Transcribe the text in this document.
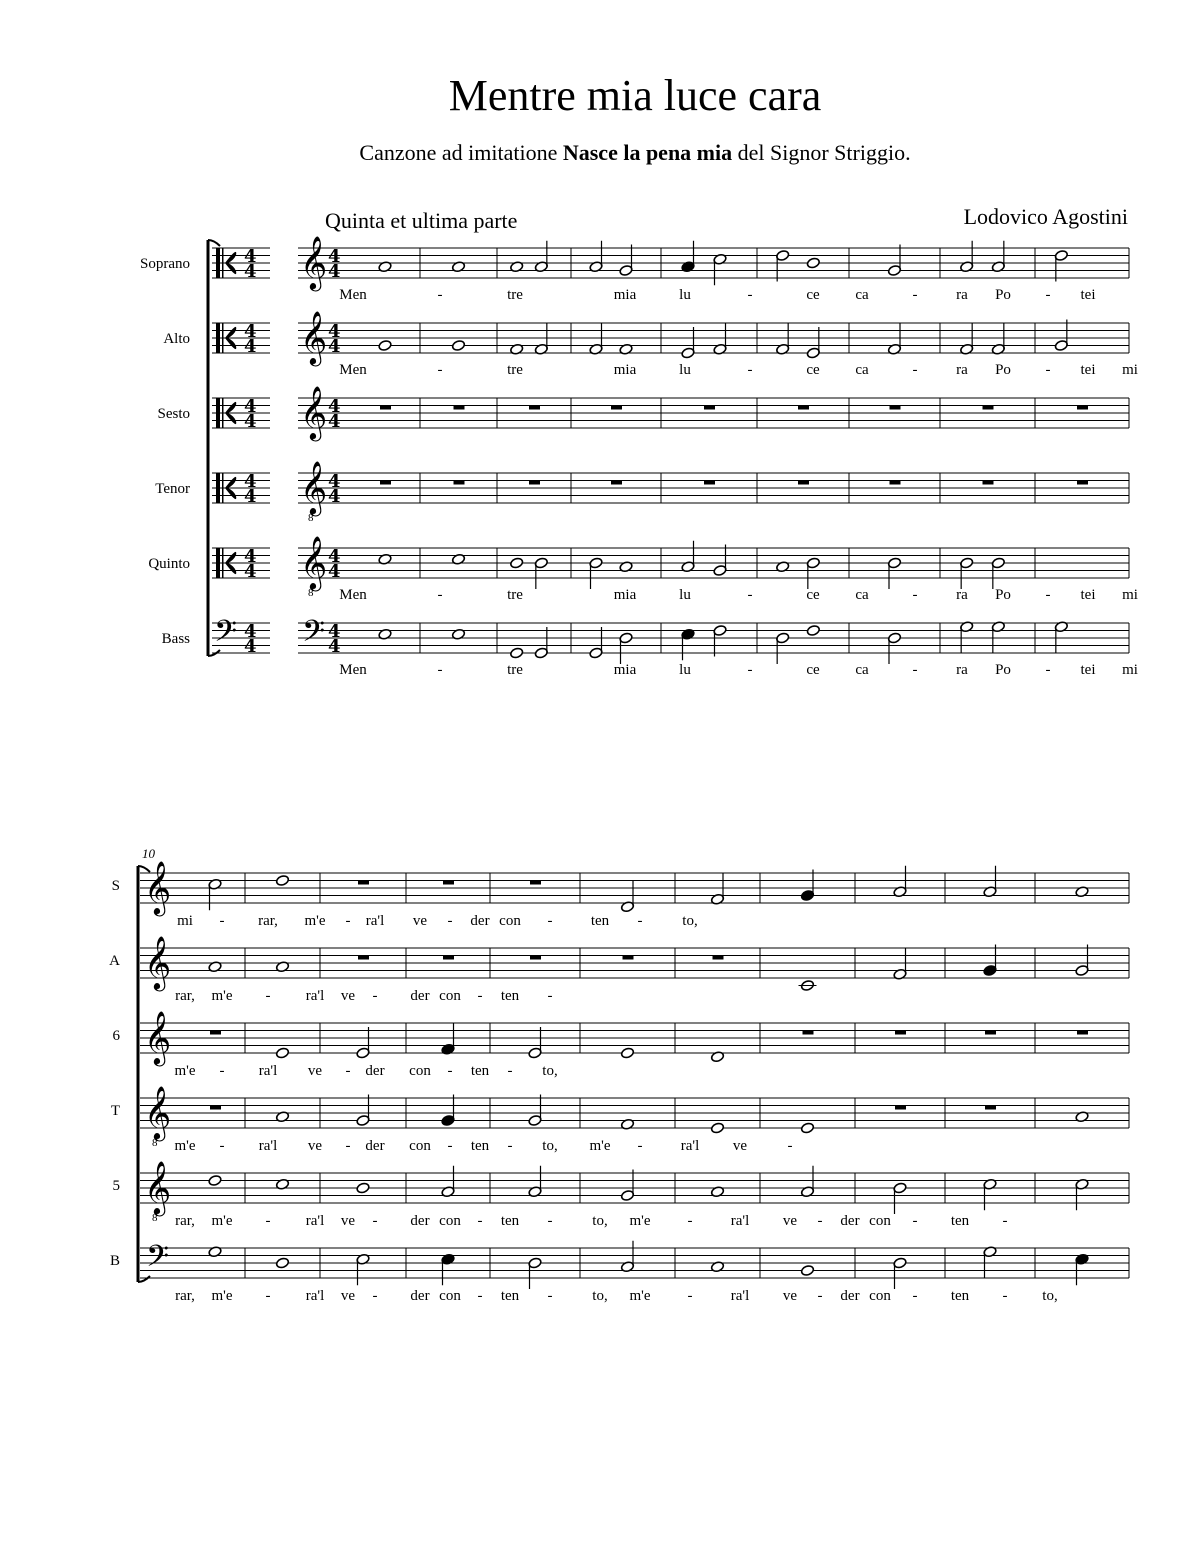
Mentre mia luce cara
Canzone ad imitatione Nasce la pena mia del Signor Striggio.
Quinta et ultima parte	Lodovico Agostini
Soprano	4
4 𝄞 4
4
Men	-	tre	mia	lu	-	ce ca	-	ra Po - tei
Alto	4
4 𝄞 4
4
Men	-	tre	mia	lu	-	ce ca	-	ra Po - tei mi
Sesto	4
4 𝄞 4
4
Tenor	4
4 𝄞
8
4
4
Quinto	4
4 𝄞
8
4
4
Men	-	tre	mia	lu	-	ce ca	-	ra Po - tei mi
Bass 𝄢 4
4 𝄢 4
4
Men	-	tre	mia	lu	-	ce ca	-	ra Po - tei mi
10
S 𝄞
mi - rar, m'e - ra'l ve - der con -	ten -	to,
A 𝄞
rar, m'e - ra'l ve - der con - ten -
6 𝄞
m'e - ra'l ve - der con - ten - to,
T 𝄞
8 m'e - ra'l ve - der con - ten - to, m'e -	ra'l ve	-
5 𝄞
8 rar, m'e - ra'l ve - der con - ten -	to, m'e -	ra'l ve - der con - ten -
B 𝄢
rar, m'e - ra'l ve - der con - ten -	to, m'e -	ra'l ve - der con - ten - to,
